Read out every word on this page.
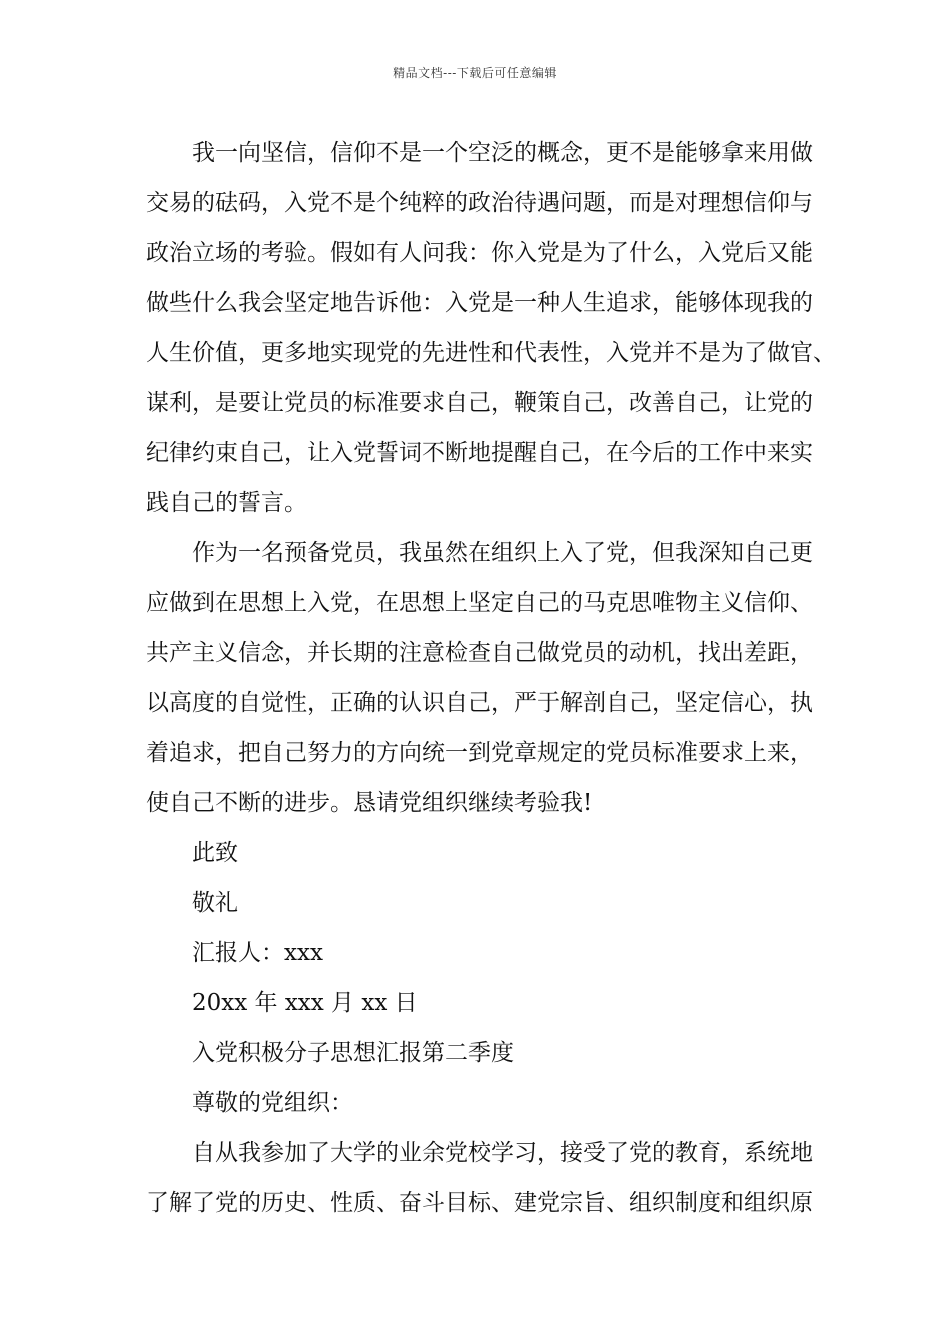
精品文档---下载后可任意编辑
我一向坚信，信仰不是一个空泛的概念，更不是能够拿来用做
交易的砝码，入党不是个纯粹的政治待遇问题，而是对理想信仰与
政治立场的考验。假如有人问我：你入党是为了什么，入党后又能
做些什么我会坚定地告诉他：入党是一种人生追求，能够体现我的
人生价值，更多地实现党的先进性和代表性，入党并不是为了做官、
谋利，是要让党员的标准要求自己，鞭策自己，改善自己，让党的
纪律约束自己，让入党誓词不断地提醒自己，在今后的工作中来实
践自己的誓言。
作为一名预备党员，我虽然在组织上入了党，但我深知自己更
应做到在思想上入党，在思想上坚定自己的马克思唯物主义信仰、
共产主义信念，并长期的注意检查自己做党员的动机，找出差距，
以高度的自觉性，正确的认识自己，严于解剖自己，坚定信心，执
着追求，把自己努力的方向统一到党章规定的党员标准要求上来，
使自己不断的进步。恳请党组织继续考验我!
此致
敬礼
汇报人：xxx
20xx 年 xxx 月 xx 日
入党积极分子思想汇报第二季度
尊敬的党组织：
自从我参加了大学的业余党校学习，接受了党的教育，系统地
了解了党的历史、性质、奋斗目标、建党宗旨、组织制度和组织原
